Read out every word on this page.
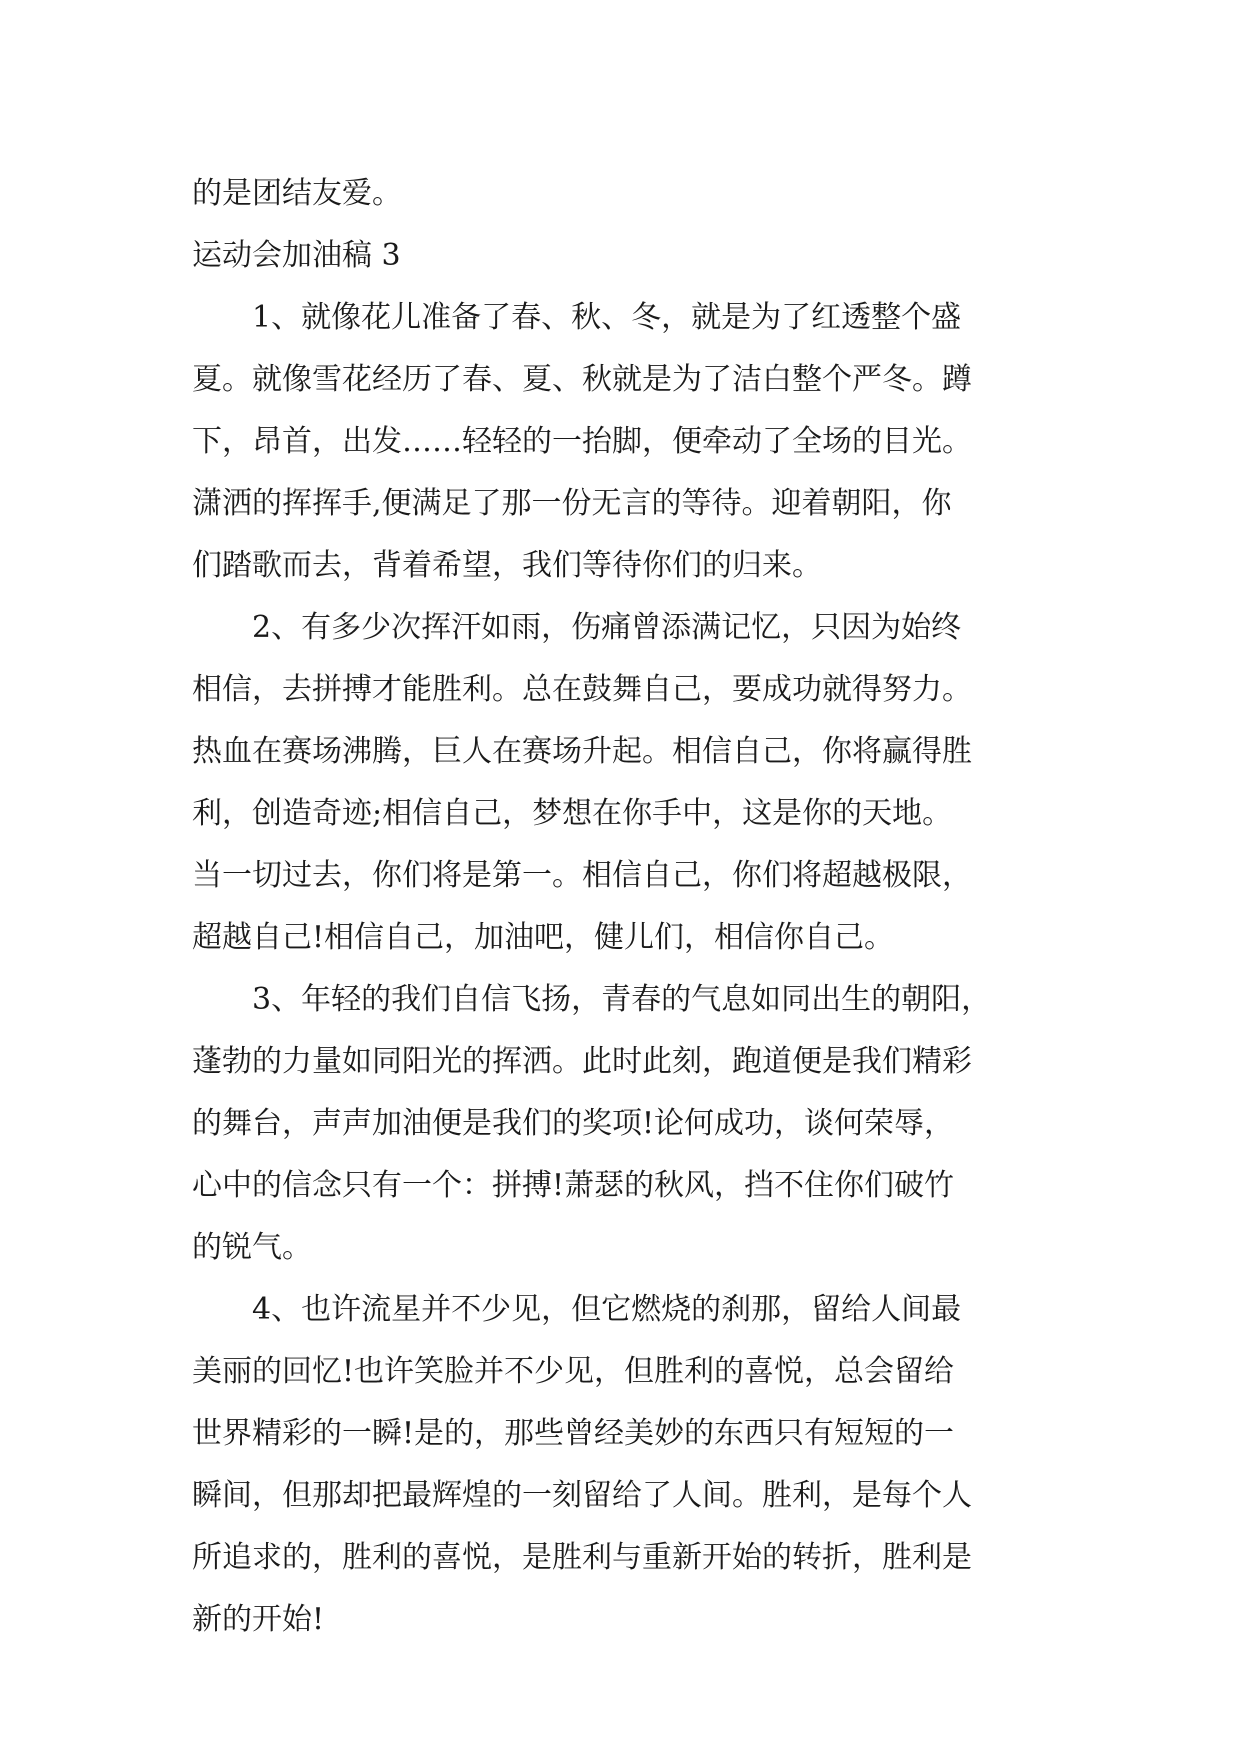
的是团结友爱。
运动会加油稿 3
1、就像花儿准备了春、秋、冬，就是为了红透整个盛
夏。就像雪花经历了春、夏、秋就是为了洁白整个严冬。蹲
下，昂首，出发……轻轻的一抬脚，便牵动了全场的目光。
潇洒的挥挥手,便满足了那一份无言的等待。迎着朝阳，你
们踏歌而去，背着希望，我们等待你们的归来。
2、有多少次挥汗如雨，伤痛曾添满记忆，只因为始终
相信，去拼搏才能胜利。总在鼓舞自己，要成功就得努力。
热血在赛场沸腾，巨人在赛场升起。相信自己，你将赢得胜
利，创造奇迹;相信自己，梦想在你手中，这是你的天地。
当一切过去，你们将是第一。相信自己，你们将超越极限，
超越自己!相信自己，加油吧，健儿们，相信你自己。
3、年轻的我们自信飞扬，青春的气息如同出生的朝阳，
蓬勃的力量如同阳光的挥洒。此时此刻，跑道便是我们精彩
的舞台，声声加油便是我们的奖项!论何成功，谈何荣辱，
心中的信念只有一个：拼搏!萧瑟的秋风，挡不住你们破竹
的锐气。
4、也许流星并不少见，但它燃烧的刹那，留给人间最
美丽的回忆!也许笑脸并不少见，但胜利的喜悦，总会留给
世界精彩的一瞬!是的，那些曾经美妙的东西只有短短的一
瞬间，但那却把最辉煌的一刻留给了人间。胜利，是每个人
所追求的，胜利的喜悦，是胜利与重新开始的转折，胜利是
新的开始!
